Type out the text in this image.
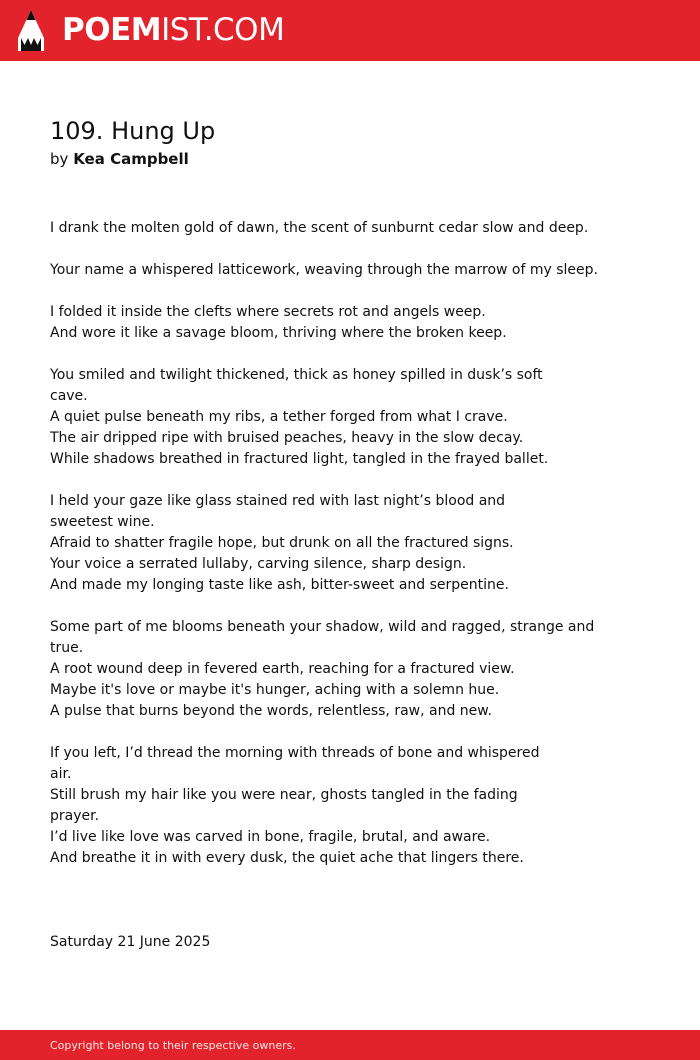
POEMIST.COM
109. Hung Up
by Kea Campbell
I drank the molten gold of dawn, the scent of sunburnt cedar slow and deep.
Your name a whispered latticework, weaving through the marrow of my sleep.
I folded it inside the clefts where secrets rot and angels weep.
And wore it like a savage bloom, thriving where the broken keep.
You smiled and twilight thickened, thick as honey spilled in dusk’s soft
cave.
A quiet pulse beneath my ribs, a tether forged from what I crave.
The air dripped ripe with bruised peaches, heavy in the slow decay.
While shadows breathed in fractured light, tangled in the frayed ballet.
I held your gaze like glass stained red with last night’s blood and
sweetest wine.
Afraid to shatter fragile hope, but drunk on all the fractured signs.
Your voice a serrated lullaby, carving silence, sharp design.
And made my longing taste like ash, bitter-sweet and serpentine.
Some part of me blooms beneath your shadow, wild and ragged, strange and
true.
A root wound deep in fevered earth, reaching for a fractured view.
Maybe it's love or maybe it's hunger, aching with a solemn hue.
A pulse that burns beyond the words, relentless, raw, and new.
If you left, I’d thread the morning with threads of bone and whispered
air.
Still brush my hair like you were near, ghosts tangled in the fading
prayer.
I’d live like love was carved in bone, fragile, brutal, and aware.
And breathe it in with every dusk, the quiet ache that lingers there.
Saturday 21 June 2025
Copyright belong to their respective owners.
